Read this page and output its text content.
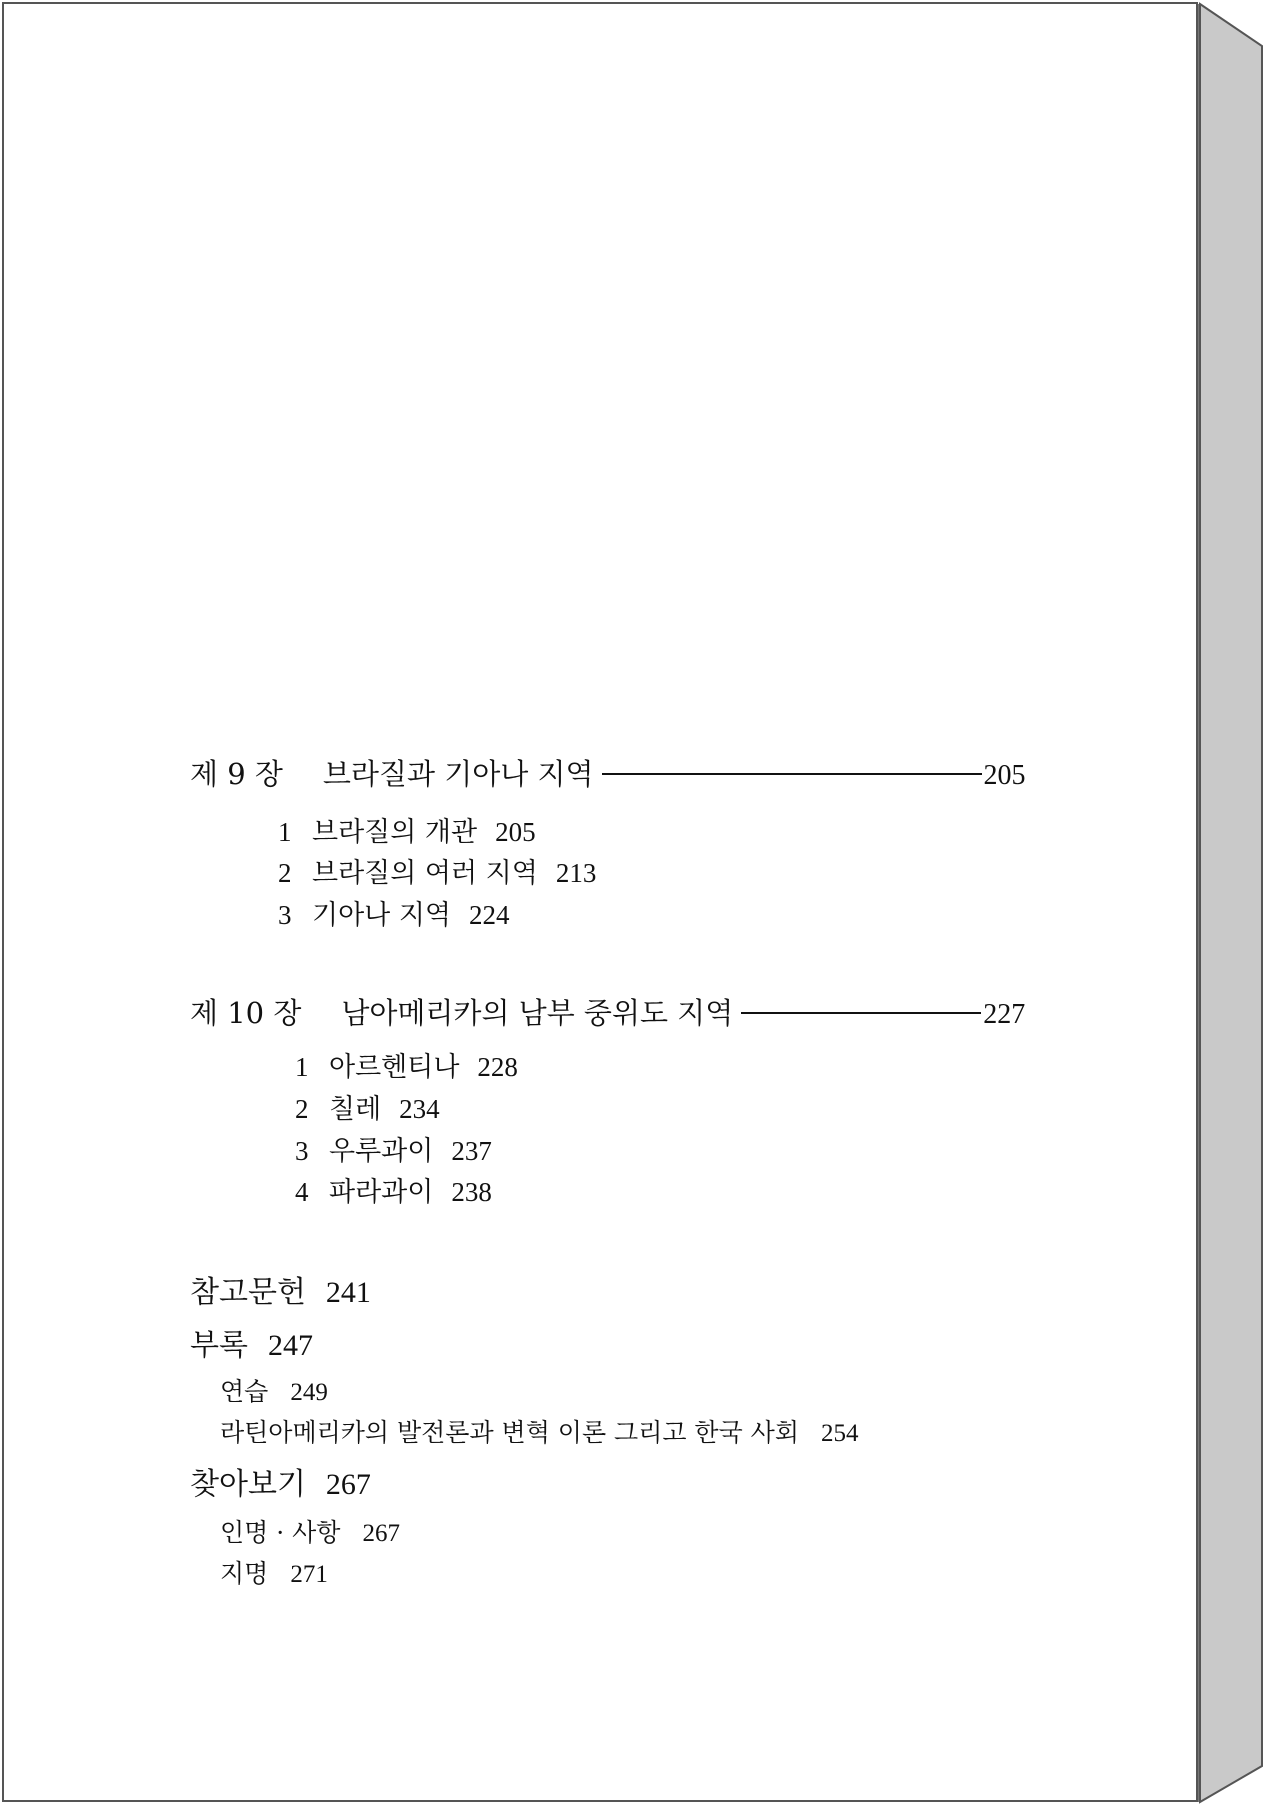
제 9 장 브라질과 기아나 지역	205
1 브라질의 개관 205
2 브라질의 여러 지역 213
3 기아나 지역 224
제 10 장 남아메리카의 남부 중위도 지역	227
1 아르헨티나 228
2 칠레 234
3 우루과이 237
4 파라과이 238
참고문헌 241
부록 247
연습 249
라틴아메리카의 발전론과 변혁 이론 그리고 한국 사회 254
찾아보기 267
인명 · 사항 267
지명 271
